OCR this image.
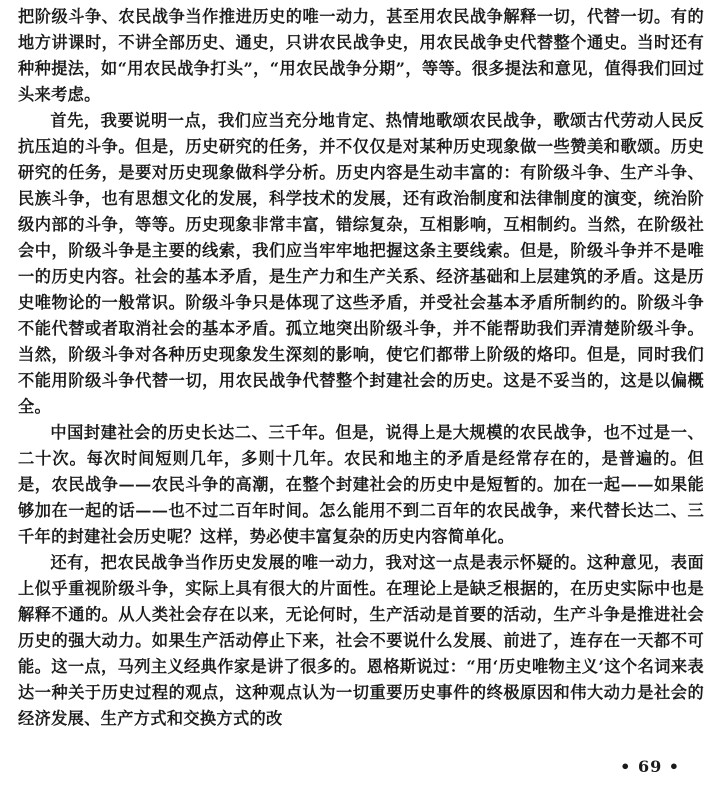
把阶级斗争、农民战争当作推进历史的唯一动力，甚至用农民战争解释一切，代替一切。有的地方讲课时，不讲全部历史、通史，只讲农民战争史，用农民战争史代替整个通史。当时还有种种提法，如“用农民战争打头”，“用农民战争分期”，等等。很多提法和意见，值得我们回过头来考虑。

首先，我要说明一点，我们应当充分地肯定、热情地歌颂农民战争，歌颂古代劳动人民反抗压迫的斗争。但是，历史研究的任务，并不仅仅是对某种历史现象做一些赞美和歌颂。历史研究的任务，是要对历史现象做科学分析。历史内容是生动丰富的：有阶级斗争、生产斗争、民族斗争，也有思想文化的发展，科学技术的发展，还有政治制度和法律制度的演变，统治阶级内部的斗争，等等。历史现象非常丰富，错综复杂，互相影响，互相制约。当然，在阶级社会中，阶级斗争是主要的线索，我们应当牢牢地把握这条主要线索。但是，阶级斗争并不是唯一的历史内容。社会的基本矛盾，是生产力和生产关系、经济基础和上层建筑的矛盾。这是历史唯物论的一般常识。阶级斗争只是体现了这些矛盾，并受社会基本矛盾所制约的。阶级斗争不能代替或者取消社会的基本矛盾。孤立地突出阶级斗争，并不能帮助我们弄清楚阶级斗争。当然，阶级斗争对各种历史现象发生深刻的影响，使它们都带上阶级的烙印。但是，同时我们不能用阶级斗争代替一切，用农民战争代替整个封建社会的历史。这是不妥当的，这是以偏概全。

中国封建社会的历史长达二、三千年。但是，说得上是大规模的农民战争，也不过是一、二十次。每次时间短则几年，多则十几年。农民和地主的矛盾是经常存在的，是普遍的。但是，农民战争——农民斗争的高潮，在整个封建社会的历史中是短暂的。加在一起——如果能够加在一起的话——也不过二百年时间。怎么能用不到二百年的农民战争，来代替长达二、三千年的封建社会历史呢？这样，势必使丰富复杂的历史内容简单化。

还有，把农民战争当作历史发展的唯一动力，我对这一点是表示怀疑的。这种意见，表面上似乎重视阶级斗争，实际上具有很大的片面性。在理论上是缺乏根据的，在历史实际中也是解释不通的。从人类社会存在以来，无论何时，生产活动是首要的活动，生产斗争是推进社会历史的强大动力。如果生产活动停止下来，社会不要说什么发展、前进了，连存在一天都不可能。这一点，马列主义经典作家是讲了很多的。恩格斯说过：“用‘历史唯物主义’这个名词来表达一种关于历史过程的观点，这种观点认为一切重要历史事件的终极原因和伟大动力是社会的经济发展、生产方式和交换方式的改

• 69 •
